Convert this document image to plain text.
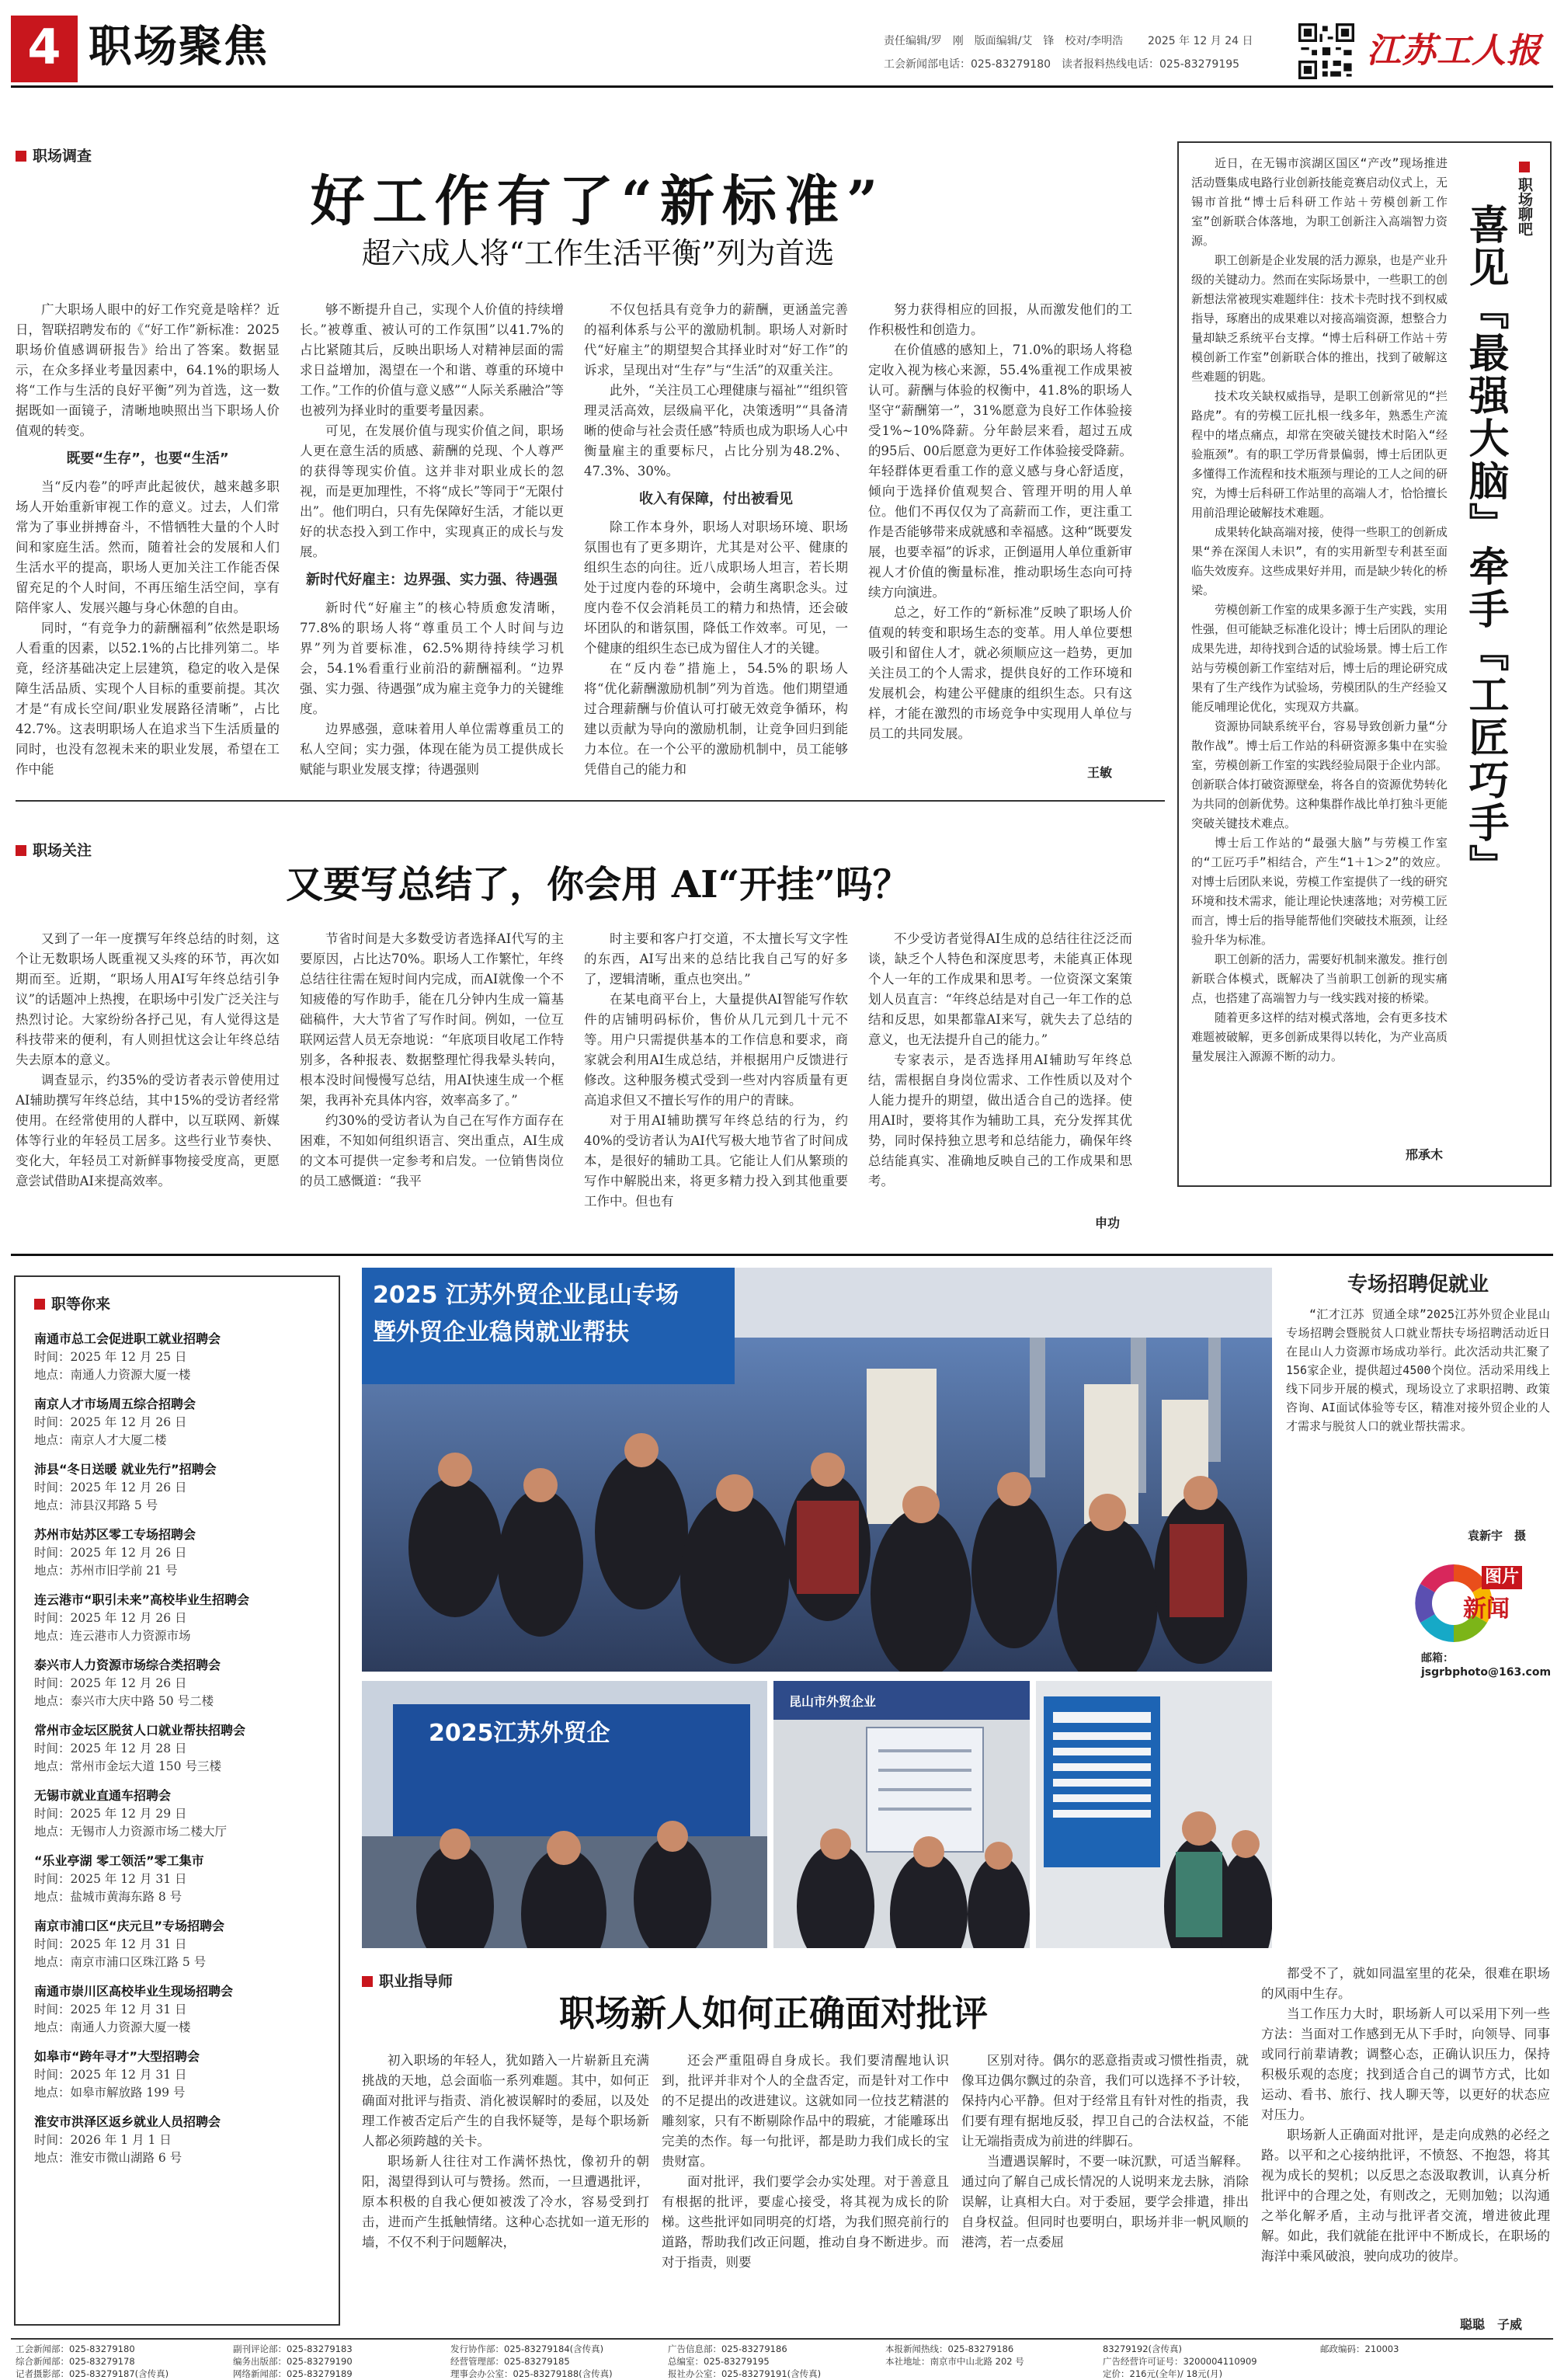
4 职场聚焦	责任编辑/罗　刚　版面编辑/艾　锋　校对/李明浩 2025 年 12 月 24 日
工会新闻部电话：025-83279180　读者报料热线电话：025-83279195	江苏工人报
职场调查
好工作有了“新标准”
超六成人将“工作生活平衡”列为首选

广大职场人眼中的好工作究竟是啥样？近日，智联招聘发布的《“好工作”新标准：2025职场价值感调研报告》给出了答案。数据显示，在众多择业考量因素中，64.1%的职场人将“工作与生活的良好平衡”列为首选，这一数据既如一面镜子，清晰地映照出当下职场人价值观的转变。

既要“生存”，也要“生活”

当“反内卷”的呼声此起彼伏，越来越多职场人开始重新审视工作的意义。过去，人们常常为了事业拼搏奋斗，不惜牺牲大量的个人时间和家庭生活。然而，随着社会的发展和人们生活水平的提高，职场人更加关注工作能否保留充足的个人时间，不再压缩生活空间，享有陪伴家人、发展兴趣与身心休憩的自由。

同时，“有竞争力的薪酬福利”依然是职场人看重的因素，以52.1%的占比排列第二。毕竟，经济基础决定上层建筑，稳定的收入是保障生活品质、实现个人目标的重要前提。其次才是“有成长空间/职业发展路径清晰”，占比42.7%。这表明职场人在追求当下生活质量的同时，也没有忽视未来的职业发展，希望在工作中能

够不断提升自己，实现个人价值的持续增长。”被尊重、被认可的工作氛围”以41.7%的占比紧随其后，反映出职场人对精神层面的需求日益增加，渴望在一个和谐、尊重的环境中工作。”工作的价值与意义感”“人际关系融洽”等也被列为择业时的重要考量因素。

可见，在发展价值与现实价值之间，职场人更在意生活的质感、薪酬的兑现、个人尊严的获得等现实价值。这并非对职业成长的忽视，而是更加理性，不将“成长”等同于“无限付出”。他们明白，只有先保障好生活，才能以更好的状态投入到工作中，实现真正的成长与发展。

新时代好雇主：边界强、实力强、待遇强

新时代“好雇主”的核心特质愈发清晰，77.8%的职场人将“尊重员工个人时间与边界”列为首要标准，62.5%期待持续学习机会，54.1%看重行业前沿的薪酬福利。“边界强、实力强、待遇强”成为雇主竞争力的关键维度。

边界感强，意味着用人单位需尊重员工的私人空间；实力强，体现在能为员工提供成长赋能与职业发展支撑；待遇强则

不仅包括具有竞争力的薪酬，更涵盖完善的福利体系与公平的激励机制。职场人对新时代“好雇主”的期望契合其择业时对“好工作”的诉求，呈现出对“生存”与“生活”的双重关注。

此外，“关注员工心理健康与福祉”“组织管理灵活高效，层级扁平化，决策透明”“具备清晰的使命与社会责任感”特质也成为职场人心中衡量雇主的重要标尺，占比分别为48.2%、47.3%、30%。

收入有保障，付出被看见

除工作本身外，职场人对职场环境、职场氛围也有了更多期许，尤其是对公平、健康的组织生态的向往。近八成职场人坦言，若长期处于过度内卷的环境中，会萌生离职念头。过度内卷不仅会消耗员工的精力和热情，还会破坏团队的和谐氛围，降低工作效率。可见，一个健康的组织生态已成为留住人才的关键。

在“反内卷”措施上，54.5%的职场人将“优化薪酬激励机制”列为首选。他们期望通过合理薪酬与价值认可打破无效竞争循环，构建以贡献为导向的激励机制，让竞争回归到能力本位。在一个公平的激励机制中，员工能够凭借自己的能力和

努力获得相应的回报，从而激发他们的工作积极性和创造力。

在价值感的感知上，71.0%的职场人将稳定收入视为核心来源，55.4%重视工作成果被认可。薪酬与体验的权衡中，41.8%的职场人坚守“薪酬第一”，31%愿意为良好工作体验接受1%~10%降薪。分年龄层来看，超过五成的95后、00后愿意为更好工作体验接受降薪。年轻群体更看重工作的意义感与身心舒适度，倾向于选择价值观契合、管理开明的用人单位。他们不再仅仅为了高薪而工作，更注重工作是否能够带来成就感和幸福感。这种“既要发展，也要幸福”的诉求，正倒逼用人单位重新审视人才价值的衡量标准，推动职场生态向可持续方向演进。

总之，好工作的“新标准”反映了职场人价值观的转变和职场生态的变革。用人单位要想吸引和留住人才，就必须顺应这一趋势，更加关注员工的个人需求，提供良好的工作环境和发展机会，构建公平健康的组织生态。只有这样，才能在激烈的市场竞争中实现用人单位与员工的共同发展。

王敏
职场聊吧
喜见『最强大脑』牵手『工匠巧手』

近日，在无锡市滨湖区国区“产改”现场推进活动暨集成电路行业创新技能竞赛启动仪式上，无锡市首批“博士后科研工作站＋劳模创新工作室”创新联合体落地，为职工创新注入高端智力资源。

职工创新是企业发展的活力源泉，也是产业升级的关键动力。然而在实际场景中，一些职工的创新想法常被现实难题绊住：技术卡壳时找不到权威指导，琢磨出的成果难以对接高端资源，想整合力量却缺乏系统平台支撑。“博士后科研工作站＋劳模创新工作室”创新联合体的推出，找到了破解这些难题的钥匙。

技术攻关缺权威指导，是职工创新常见的“拦路虎”。有的劳模工匠扎根一线多年，熟悉生产流程中的堵点痛点，却常在突破关键技术时陷入“经验瓶颈”。有的职工学历背景偏弱，博士后团队更多懂得工作流程和技术瓶颈与理论的工人之间的研究，为博士后科研工作站里的高端人才，恰恰擅长用前沿理论破解技术难题。

成果转化缺高端对接，使得一些职工的创新成果“养在深闺人未识”，有的实用新型专利甚至面临失效废弃。这些成果好并用，而是缺少转化的桥梁。

劳模创新工作室的成果多源于生产实践，实用性强，但可能缺乏标准化设计；博士后团队的理论成果先进，却待找到合适的试验场景。博士后工作站与劳模创新工作室结对后，博士后的理论研究成果有了生产线作为试验场，劳模团队的生产经验又能反哺理论优化，实现双方共赢。

资源协同缺系统平台，容易导致创新力量“分散作战”。博士后工作站的科研资源多集中在实验室，劳模创新工作室的实践经验局限于企业内部。创新联合体打破资源壁垒，将各自的资源优势转化为共同的创新优势。这种集群作战比单打独斗更能突破关键技术难点。

博士后工作站的“最强大脑”与劳模工作室的“工匠巧手”相结合，产生“1＋1＞2”的效应。对博士后团队来说，劳模工作室提供了一线的研究环境和技术需求，能让理论快速落地；对劳模工匠而言，博士后的指导能帮他们突破技术瓶颈，让经验升华为标准。

职工创新的活力，需要好机制来激发。推行创新联合体模式，既解决了当前职工创新的现实痛点，也搭建了高端智力与一线实践对接的桥梁。

随着更多这样的结对模式落地，会有更多技术难题被破解，更多创新成果得以转化，为产业高质量发展注入源源不断的动力。

邢承木
职场关注
又要写总结了，你会用 AI“开挂”吗？

又到了一年一度撰写年终总结的时刻，这个让无数职场人既重视又头疼的环节，再次如期而至。近期，“职场人用AI写年终总结引争议”的话题冲上热搜，在职场中引发广泛关注与热烈讨论。大家纷纷各抒己见，有人觉得这是科技带来的便利，有人则担忧这会让年终总结失去原本的意义。

调查显示，约35%的受访者表示曾使用过AI辅助撰写年终总结，其中15%的受访者经常使用。在经常使用的人群中，以互联网、新媒体等行业的年轻员工居多。这些行业节奏快、变化大，年轻员工对新鲜事物接受度高，更愿意尝试借助AI来提高效率。

节省时间是大多数受访者选择AI代写的主要原因，占比达70%。职场人工作繁忙，年终总结往往需在短时间内完成，而AI就像一个不知疲倦的写作助手，能在几分钟内生成一篇基础稿件，大大节省了写作时间。例如，一位互联网运营人员无奈地说：“年底项目收尾工作特别多，各种报表、数据整理忙得我晕头转向，根本没时间慢慢写总结，用AI快速生成一个框架，我再补充具体内容，效率高多了。”

约30%的受访者认为自己在写作方面存在困难，不知如何组织语言、突出重点，AI生成的文本可提供一定参考和启发。一位销售岗位的员工感慨道：“我平

时主要和客户打交道，不太擅长写文字性的东西，AI写出来的总结比我自己写的好多了，逻辑清晰，重点也突出。”

在某电商平台上，大量提供AI智能写作软件的店铺明码标价，售价从几元到几十元不等。用户只需提供基本的工作信息和要求，商家就会利用AI生成总结，并根据用户反馈进行修改。这种服务模式受到一些对内容质量有更高追求但又不擅长写作的用户的青睐。

对于用AI辅助撰写年终总结的行为，约40%的受访者认为AI代写极大地节省了时间成本，是很好的辅助工具。它能让人们从繁琐的写作中解脱出来，将更多精力投入到其他重要工作中。但也有

不少受访者觉得AI生成的总结往往泛泛而谈，缺乏个人特色和深度思考，未能真正体现个人一年的工作成果和思考。一位资深文案策划人员直言：“年终总结是对自己一年工作的总结和反思，如果都靠AI来写，就失去了总结的意义，也无法提升自己的能力。”

专家表示，是否选择用AI辅助写年终总结，需根据自身岗位需求、工作性质以及对个人能力提升的期望，做出适合自己的选择。使用AI时，要将其作为辅助工具，充分发挥其优势，同时保持独立思考和总结能力，确保年终总结能真实、准确地反映自己的工作成果和思考。

申功
职等你来
南通市总工会促进职工就业招聘会
时间：2025 年 12 月 25 日
地点：南通人力资源大厦一楼
南京人才市场周五综合招聘会
时间：2025 年 12 月 26 日
地点：南京人才大厦二楼
沛县“冬日送暖 就业先行”招聘会
时间：2025 年 12 月 26 日
地点：沛县汉邦路 5 号
苏州市姑苏区零工专场招聘会
时间：2025 年 12 月 26 日
地点：苏州市旧学前 21 号
连云港市“职引未来”高校毕业生招聘会
时间：2025 年 12 月 26 日
地点：连云港市人力资源市场
泰兴市人力资源市场综合类招聘会
时间：2025 年 12 月 26 日
地点：泰兴市大庆中路 50 号二楼
常州市金坛区脱贫人口就业帮扶招聘会
时间：2025 年 12 月 28 日
地点：常州市金坛大道 150 号三楼
无锡市就业直通车招聘会
时间：2025 年 12 月 29 日
地点：无锡市人力资源市场二楼大厅
“乐业亭湖 零工领活”零工集市
时间：2025 年 12 月 31 日
地点：盐城市黄海东路 8 号
南京市浦口区“庆元旦”专场招聘会
时间：2025 年 12 月 31 日
地点：南京市浦口区珠江路 5 号
南通市崇川区高校毕业生现场招聘会
时间：2025 年 12 月 31 日
地点：南通人力资源大厦一楼
如皋市“跨年寻才”大型招聘会
时间：2025 年 12 月 31 日
地点：如皋市解放路 199 号
淮安市洪泽区返乡就业人员招聘会
时间：2026 年 1 月 1 日
地点：淮安市微山湖路 6 号
2025 江苏外贸企业昆山专场
暨外贸企业稳岗就业帮扶
专场招聘促就业
“汇才江苏 贸通全球”2025江苏外贸企业昆山专场招聘会暨脱贫人口就业帮扶专场招聘活动近日在昆山人力资源市场成功举行。此次活动共汇聚了156家企业，提供超过4500个岗位。活动采用线上线下同步开展的模式，现场设立了求职招聘、政策咨询、AI面试体验等专区，精准对接外贸企业的人才需求与脱贫人口的就业帮扶需求。
袁新宇　摄
图片
新闻
邮箱：jsgrbphoto@163.com
2025江苏外贸企
昆山市外贸企业
职业指导师
职场新人如何正确面对批评

初入职场的年轻人，犹如踏入一片崭新且充满挑战的天地，总会面临一系列难题。其中，如何正确面对批评与指责、消化被误解时的委屈，以及处理工作被否定后产生的自我怀疑等，是每个职场新人都必须跨越的关卡。

职场新人往往对工作满怀热忱，像初升的朝阳，渴望得到认可与赞扬。然而，一旦遭遇批评，原本积极的自我心便如被泼了冷水，容易受到打击，进而产生抵触情绪。这种心态扰如一道无形的墙，不仅不利于问题解决，

还会严重阻碍自身成长。我们要清醒地认识到，批评并非对个人的全盘否定，而是针对工作中的不足提出的改进建议。这就如同一位技艺精湛的雕刻家，只有不断剔除作品中的瑕疵，才能雕琢出完美的杰作。每一句批评，都是助力我们成长的宝贵财富。

面对批评，我们要学会办实处理。对于善意且有根据的批评，要虚心接受，将其视为成长的阶梯。这些批评如同明亮的灯塔，为我们照亮前行的道路，帮助我们改正问题，推动自身不断进步。而对于指责，则要

区别对待。偶尔的恶意指责或习惯性指责，就像耳边偶尔飘过的杂音，我们可以选择不予计较，保持内心平静。但对于经常且有针对性的指责，我们要有理有据地反驳，捍卫自己的合法权益，不能让无端指责成为前进的绊脚石。

当遭遇误解时，不要一味沉默，可适当解释。通过向了解自己成长情况的人说明来龙去脉，消除误解，让真相大白。对于委屈，要学会排遣，排出自身权益。但同时也要明白，职场并非一帆风顺的港湾，若一点委屈

都受不了，就如同温室里的花朵，很难在职场的风雨中生存。

当工作压力大时，职场新人可以采用下列一些方法：当面对工作感到无从下手时，向领导、同事或同行前辈请教；调整心态，正确认识压力，保持积极乐观的态度；找到适合自己的调节方式，比如运动、看书、旅行、找人聊天等，以更好的状态应对压力。

职场新人正确面对批评，是走向成熟的必经之路。以平和之心接纳批评，不愤怒、不抱怨，将其视为成长的契机；以反思之态汲取教训，认真分析批评中的合理之处，有则改之，无则加勉；以沟通之举化解矛盾，主动与批评者交流，增进彼此理解。如此，我们就能在批评中不断成长，在职场的海洋中乘风破浪，驶向成功的彼岸。

聪聪　子威
工会新闻部：025-83279180
综合新闻部：025-83279178
记者摄影部：025-83279187(含传真)
副刊评论部：025-83279183
编务出版部：025-83279190
网络新闻部：025-83279189
发行协作部：025-83279184(含传真)
经营管理部：025-83279185
理事会办公室：025-83279188(含传真)
广告信息部：025-83279186
总编室：025-83279195
报社办公室：025-83279191(含传真)
本报新闻热线：025-83279186
本社地址：南京市中山北路 202 号
83279192(含传真)
广告经营许可证号：3200004110909
定价：216元(全年)/ 18元(月)
邮政编码：210003
